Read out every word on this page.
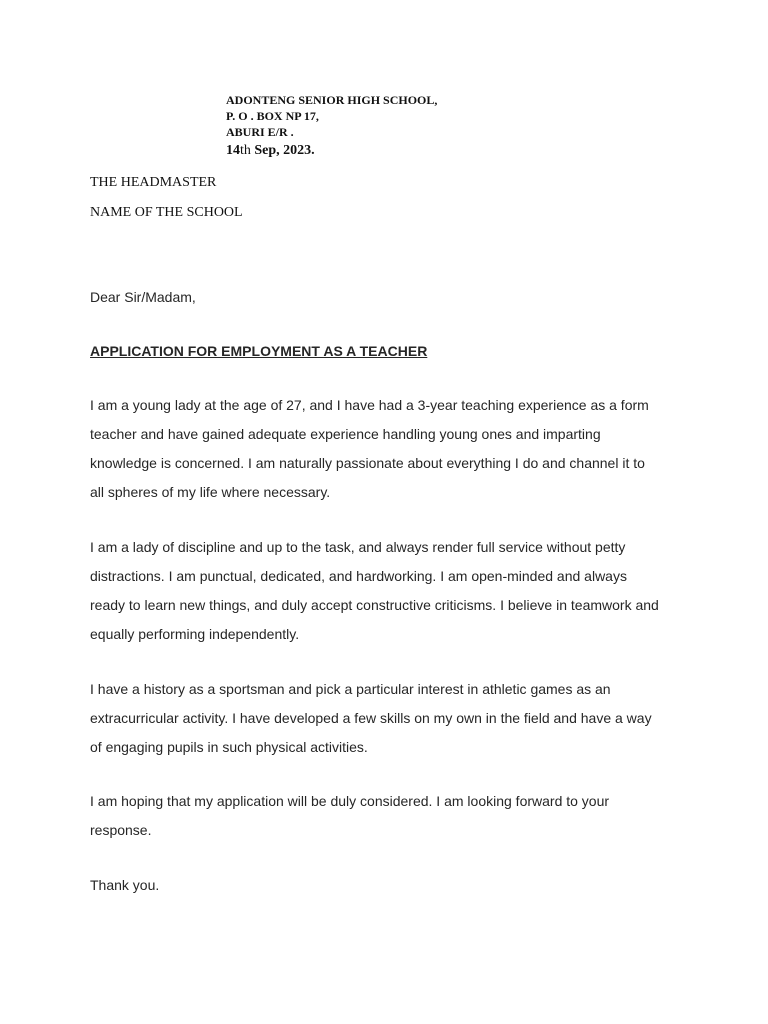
ADONTENG SENIOR HIGH SCHOOL,
P. O . BOX NP 17,
ABURI E/R .
14th Sep, 2023.
THE HEADMASTER
NAME OF THE SCHOOL
Dear Sir/Madam,
APPLICATION FOR EMPLOYMENT AS A TEACHER

I am a young lady at the age of 27, and I have had a 3-year teaching experience as a form

teacher and have gained adequate experience handling young ones and imparting

knowledge is concerned. I am naturally passionate about everything I do and channel it to

all spheres of my life where necessary.

I am a lady of discipline and up to the task, and always render full service without petty

distractions. I am punctual, dedicated, and hardworking. I am open-minded and always

ready to learn new things, and duly accept constructive criticisms. I believe in teamwork and

equally performing independently.

I have a history as a sportsman and pick a particular interest in athletic games as an

extracurricular activity. I have developed a few skills on my own in the field and have a way

of engaging pupils in such physical activities.

I am hoping that my application will be duly considered. I am looking forward to your

response.

Thank you.
